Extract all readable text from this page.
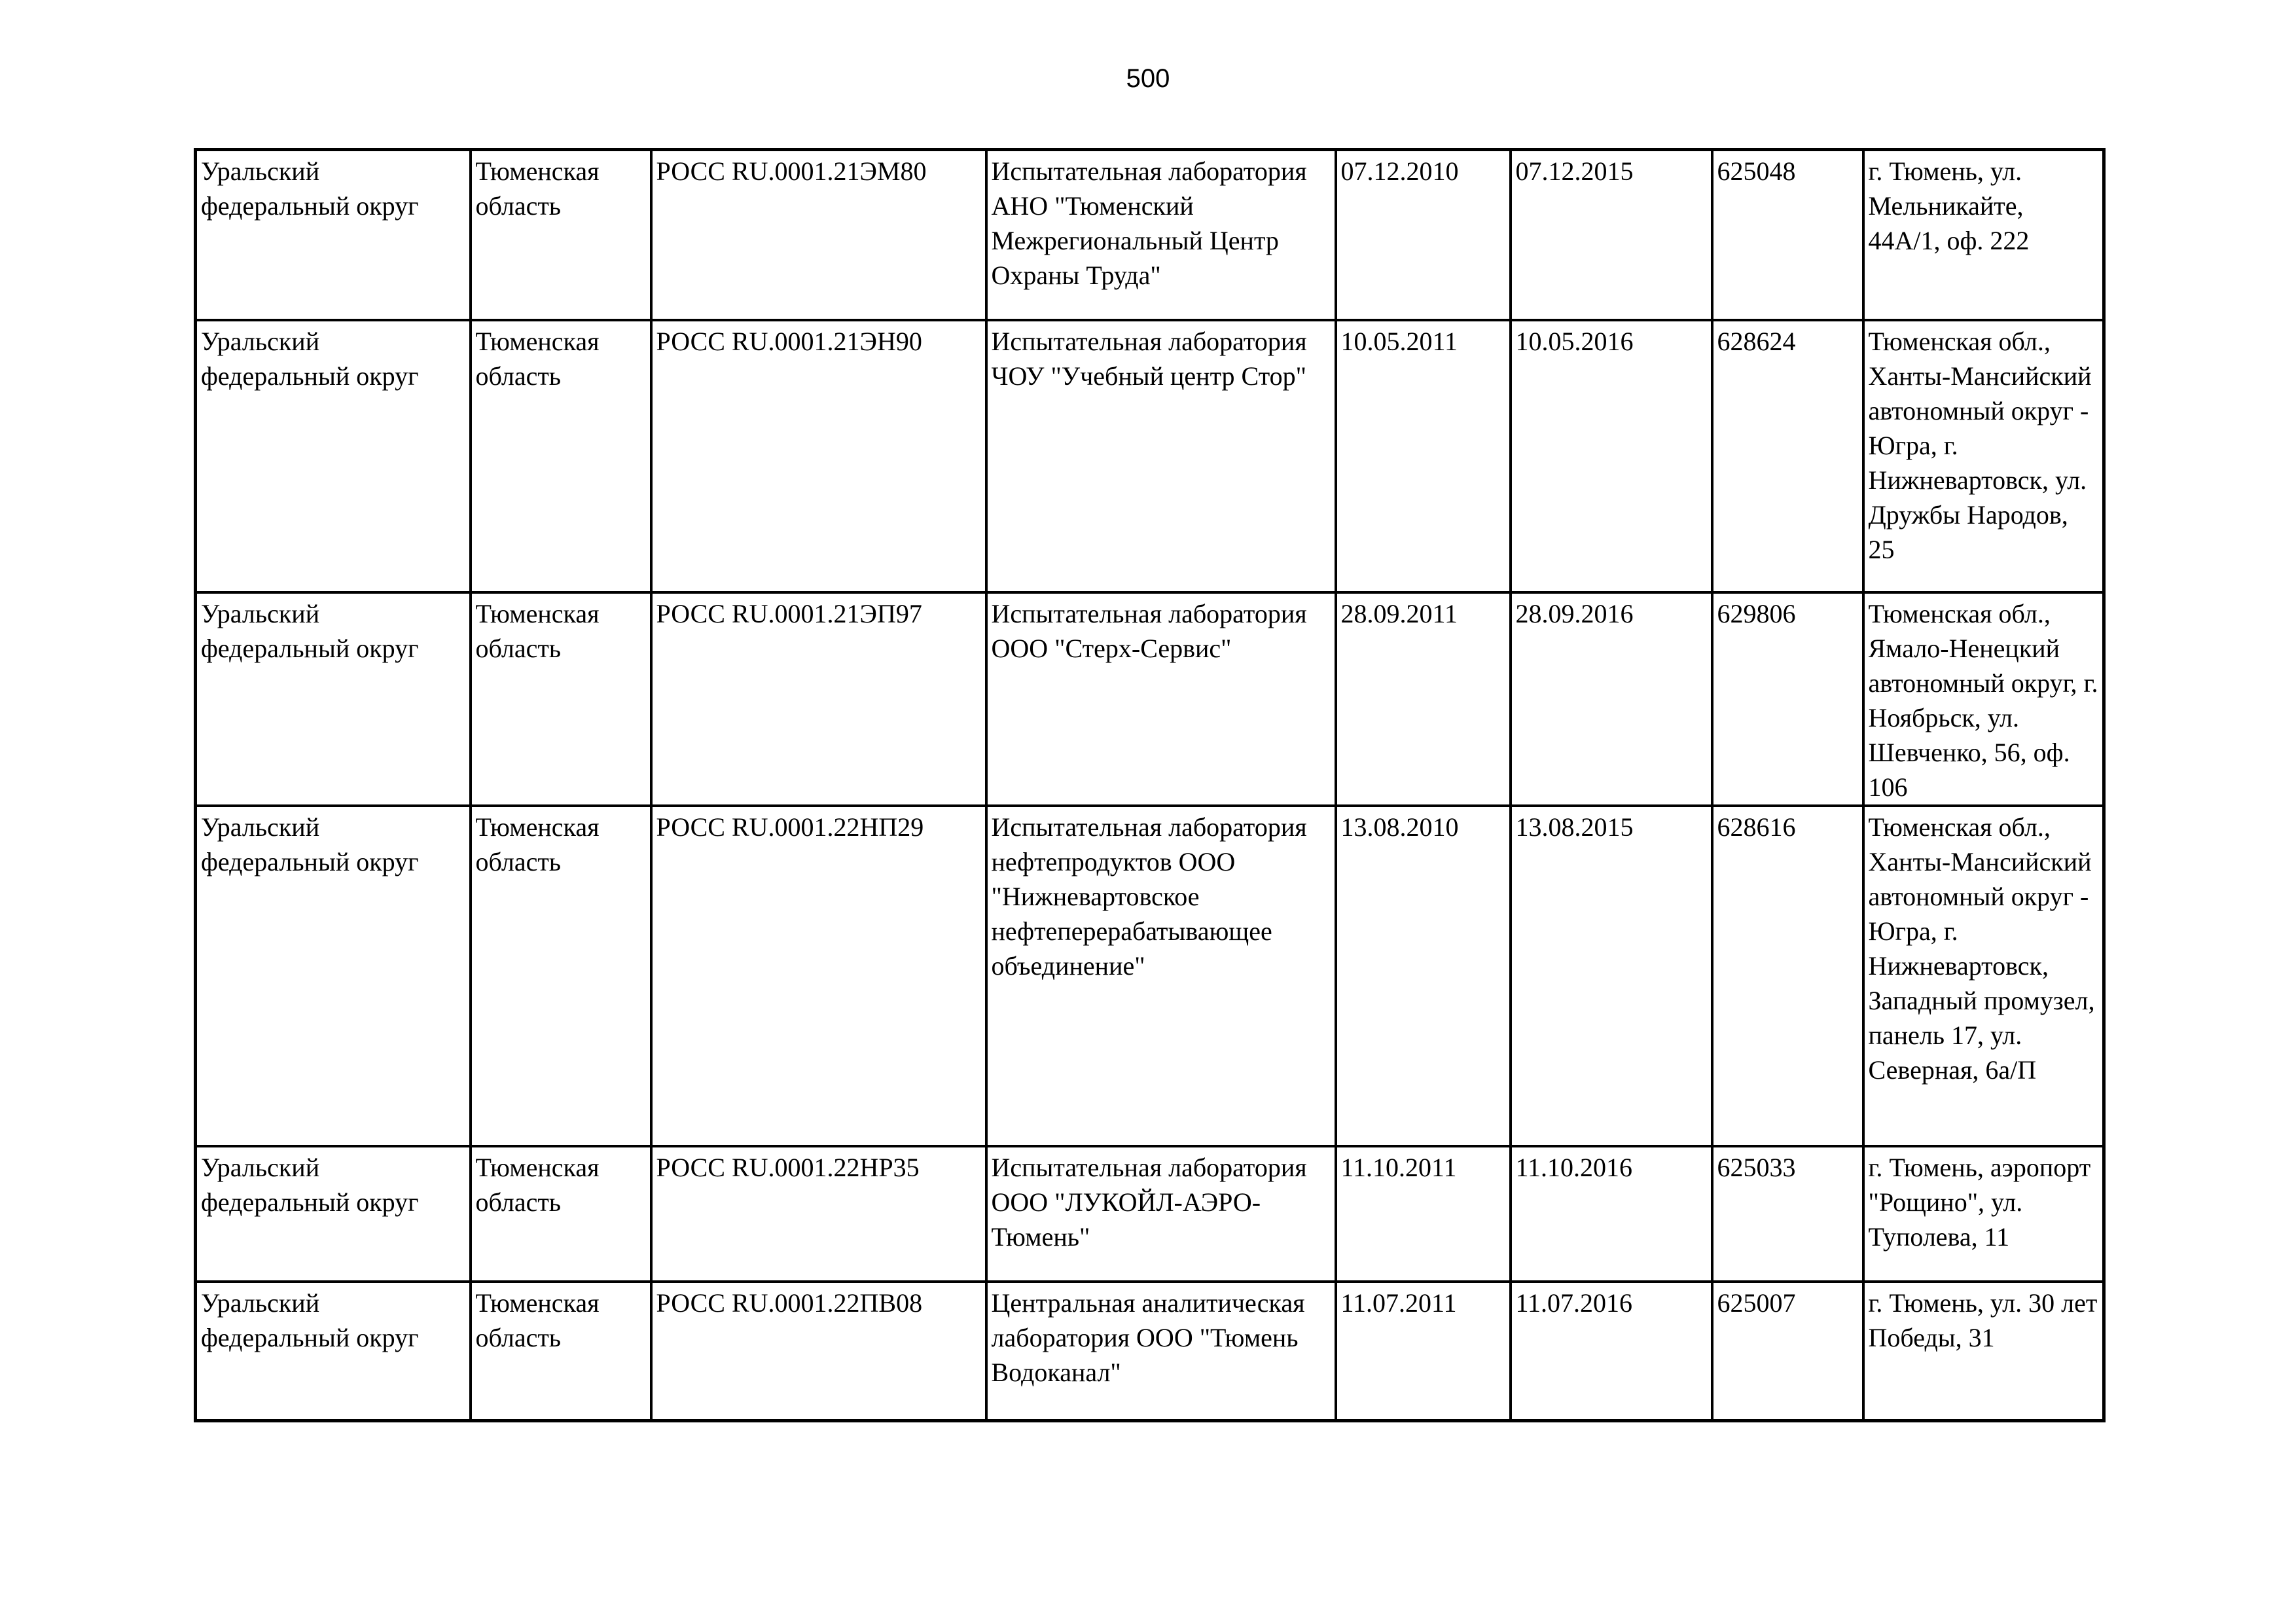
500
Уральский федеральный округ	Тюменская область	РОСС RU.0001.21ЭМ80	Испытательная лаборатория АНО "Тюменский Межрегиональный Центр Охраны Труда"	07.12.2010	07.12.2015	625048	г. Тюмень, ул. Мельникайте, 44А/1, оф. 222

Уральский федеральный округ	Тюменская область	РОСС RU.0001.21ЭН90	Испытательная лаборатория ЧОУ "Учебный центр Стор"	10.05.2011	10.05.2016	628624	Тюменская обл., Ханты-Мансийский автономный округ - Югра, г. Нижневартовск, ул. Дружбы Народов, 25

Уральский федеральный округ	Тюменская область	РОСС RU.0001.21ЭП97	Испытательная лаборатория ООО "Стерх-Сервис"	28.09.2011	28.09.2016	629806	Тюменская обл., Ямало-Ненецкий автономный округ, г. Ноябрьск, ул. Шевченко, 56, оф. 106

Уральский федеральный округ	Тюменская область	РОСС RU.0001.22НП29	Испытательная лаборатория нефтепродуктов ООО "Нижневартовское нефтеперерабатывающее объединение"	13.08.2010	13.08.2015	628616	Тюменская обл., Ханты-Мансийский автономный округ - Югра, г. Нижневартовск, Западный промузел, панель 17, ул. Северная, 6а/П

Уральский федеральный округ	Тюменская область	РОСС RU.0001.22НР35	Испытательная лаборатория ООО "ЛУКОЙЛ-АЭРО-Тюмень"	11.10.2011	11.10.2016	625033	г. Тюмень, аэропорт "Рощино", ул. Туполева, 11

Уральский федеральный округ	Тюменская область	РОСС RU.0001.22ПВ08	Центральная аналитическая лаборатория ООО "Тюмень Водоканал"	11.07.2011	11.07.2016	625007	г. Тюмень, ул. 30 лет Победы, 31
